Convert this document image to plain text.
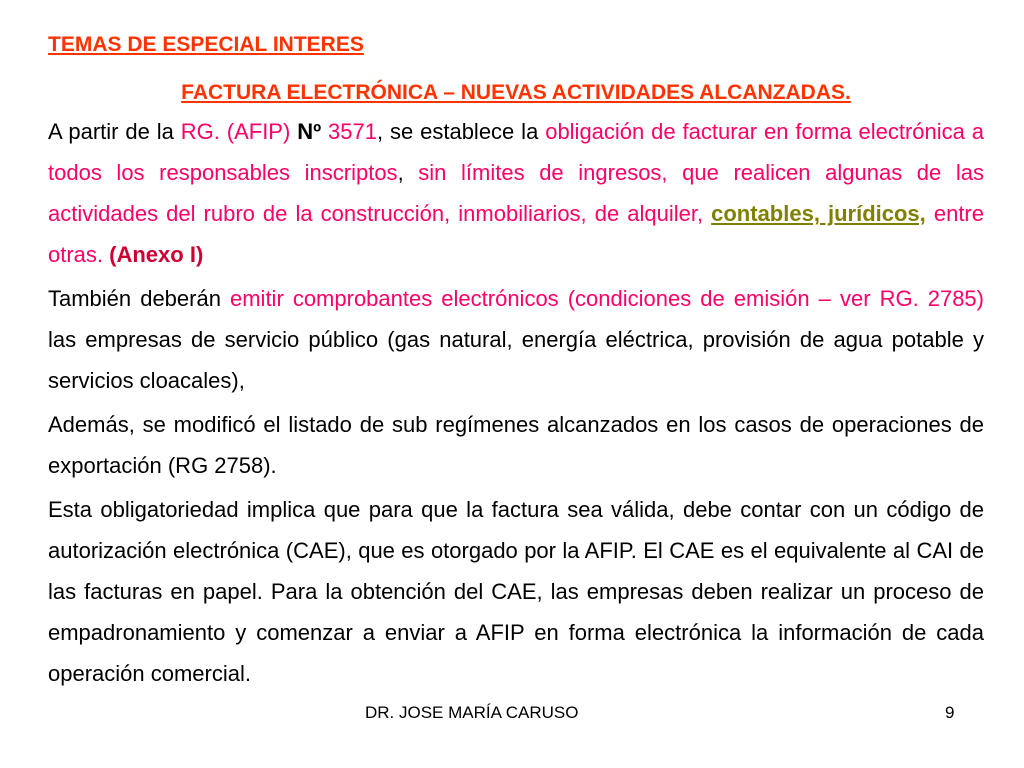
TEMAS DE ESPECIAL INTERES

FACTURA ELECTRÓNICA – NUEVAS ACTIVIDADES ALCANZADAS.

A partir de la RG. (AFIP) Nº 3571, se establece la obligación de facturar en forma electrónica a todos los responsables inscriptos, sin límites de ingresos, que realicen algunas de las actividades del rubro de la construcción, inmobiliarios, de alquiler, contables, jurídicos, entre otras. (Anexo I)

También deberán emitir comprobantes electrónicos (condiciones de emisión – ver RG. 2785) las empresas de servicio público (gas natural, energía eléctrica, provisión de agua potable y servicios cloacales),

Además, se modificó el listado de sub regímenes alcanzados en los casos de operaciones de exportación (RG 2758).

Esta obligatoriedad implica que para que la factura sea válida, debe contar con un código de autorización electrónica (CAE), que es otorgado por la AFIP. El CAE es el equivalente al CAI de las facturas en papel. Para la obtención del CAE, las empresas deben realizar un proceso de empadronamiento y comenzar a enviar a AFIP en forma electrónica la información de cada operación comercial.

DR. JOSE MARÍA CARUSO	9
